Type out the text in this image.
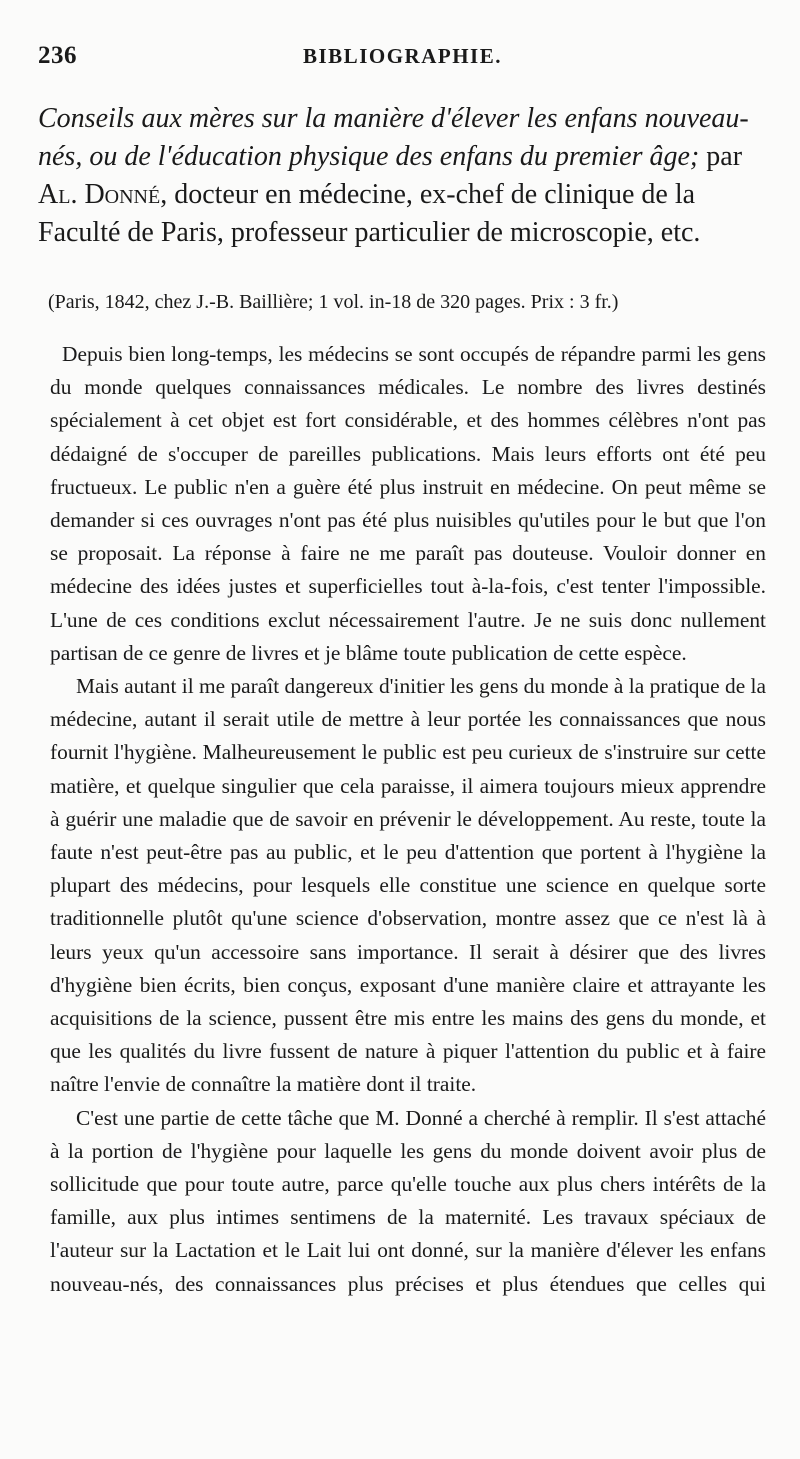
236	BIBLIOGRAPHIE.

Conseils aux mères sur la manière d'élever les enfans nouveau-nés, ou de l'éducation physique des enfans du premier âge; par Al. Donné, docteur en médecine, ex-chef de clinique de la Faculté de Paris, professeur particulier de microscopie, etc.

(Paris, 1842, chez J.-B. Baillière; 1 vol. in-18 de 320 pages. Prix : 3 fr.)

Depuis bien long-temps, les médecins se sont occupés de répandre parmi les gens du monde quelques connaissances médicales. Le nombre des livres destinés spécialement à cet objet est fort considérable, et des hommes célèbres n'ont pas dédaigné de s'occuper de pareilles publications. Mais leurs efforts ont été peu fructueux. Le public n'en a guère été plus instruit en médecine. On peut même se demander si ces ouvrages n'ont pas été plus nuisibles qu'utiles pour le but que l'on se proposait. La réponse à faire ne me paraît pas douteuse. Vouloir donner en médecine des idées justes et superficielles tout à-la-fois, c'est tenter l'impossible. L'une de ces conditions exclut nécessairement l'autre. Je ne suis donc nullement partisan de ce genre de livres et je blâme toute publication de cette espèce.

Mais autant il me paraît dangereux d'initier les gens du monde à la pratique de la médecine, autant il serait utile de mettre à leur portée les connaissances que nous fournit l'hygiène. Malheureusement le public est peu curieux de s'instruire sur cette matière, et quelque singulier que cela paraisse, il aimera toujours mieux apprendre à guérir une maladie que de savoir en prévenir le développement. Au reste, toute la faute n'est peut-être pas au public, et le peu d'attention que portent à l'hygiène la plupart des médecins, pour lesquels elle constitue une science en quelque sorte traditionnelle plutôt qu'une science d'observation, montre assez que ce n'est là à leurs yeux qu'un accessoire sans importance. Il serait à désirer que des livres d'hygiène bien écrits, bien conçus, exposant d'une manière claire et attrayante les acquisitions de la science, pussent être mis entre les mains des gens du monde, et que les qualités du livre fussent de nature à piquer l'attention du public et à faire naître l'envie de connaître la matière dont il traite.

C'est une partie de cette tâche que M. Donné a cherché à remplir. Il s'est attaché à la portion de l'hygiène pour laquelle les gens du monde doivent avoir plus de sollicitude que pour toute autre, parce qu'elle touche aux plus chers intérêts de la famille, aux plus intimes sentimens de la maternité. Les travaux spéciaux de l'auteur sur la Lactation et le Lait lui ont donné, sur la manière d'élever les enfans nouveau-nés, des connaissances plus précises et plus étendues que celles qui
